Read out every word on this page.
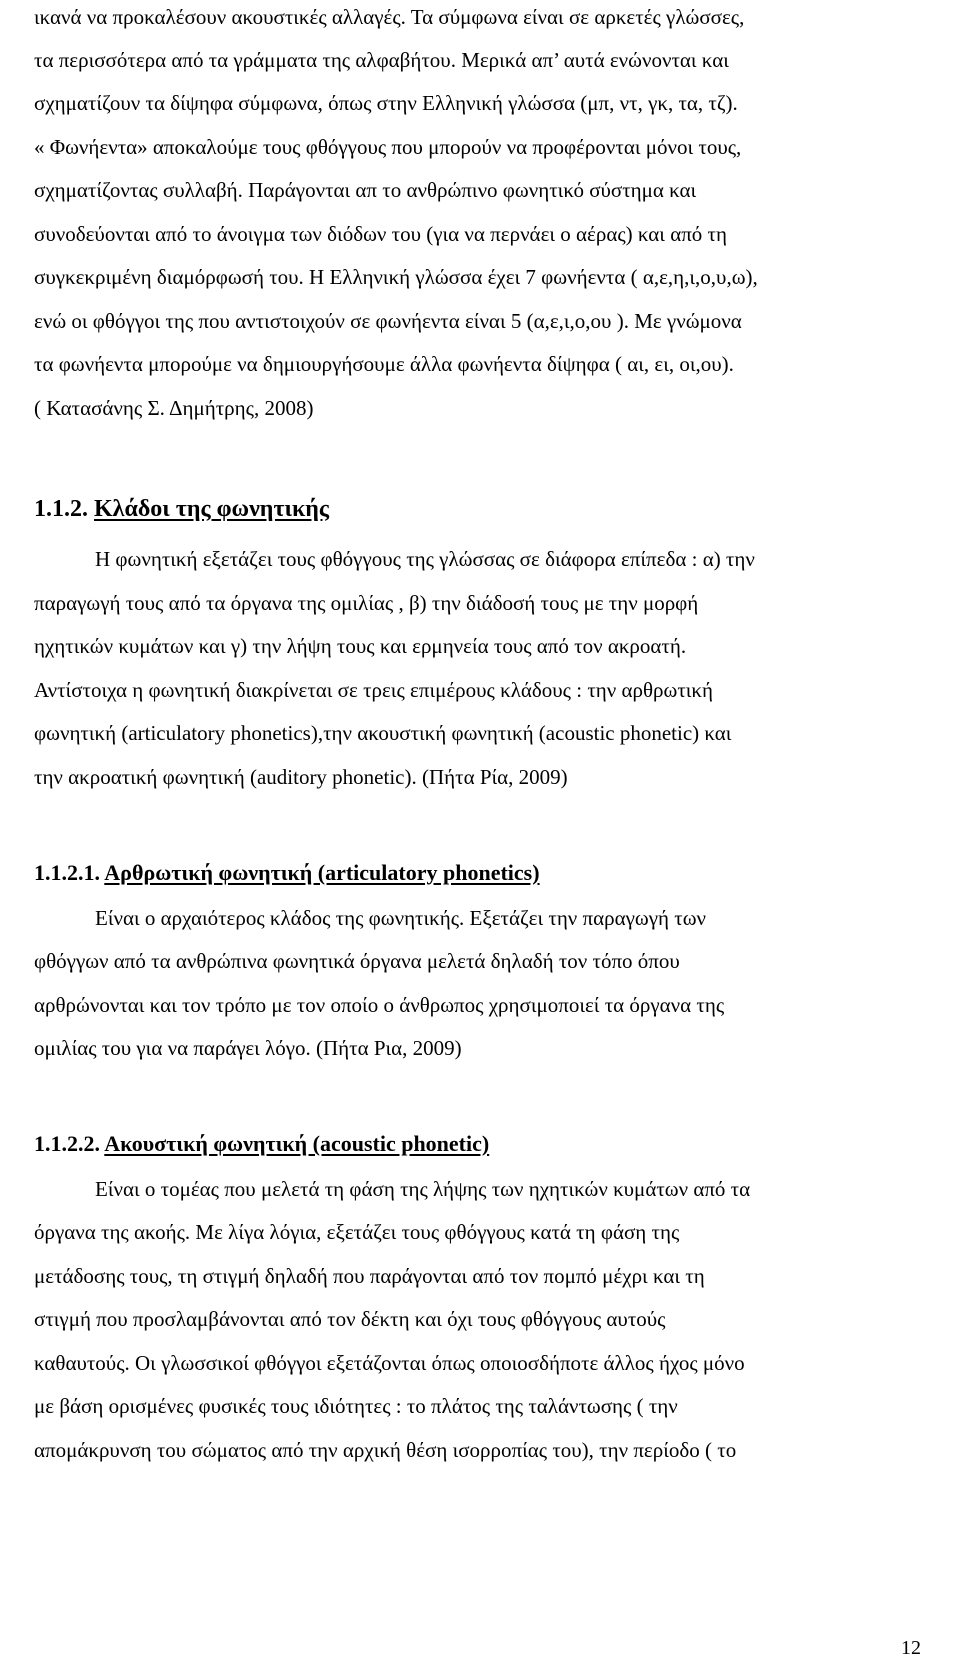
ικανά να προκαλέσουν ακουστικές αλλαγές. Τα σύμφωνα είναι σε αρκετές γλώσσες,
τα περισσότερα από τα γράμματα της αλφαβήτου. Μερικά απ’ αυτά ενώνονται και
σχηματίζουν τα δίψηφα σύμφωνα, όπως στην Ελληνική γλώσσα (μπ, ντ, γκ, τα, τζ).
« Φωνήεντα» αποκαλούμε τους φθόγγους που μπορούν να προφέρονται μόνοι τους,
σχηματίζοντας συλλαβή. Παράγονται απ το ανθρώπινο φωνητικό σύστημα και
συνοδεύονται από το άνοιγμα των διόδων του (για να περνάει ο αέρας) και από τη
συγκεκριμένη διαμόρφωσή του. Η Ελληνική γλώσσα έχει 7 φωνήεντα ( α,ε,η,ι,ο,υ,ω),
ενώ οι φθόγγοι της που αντιστοιχούν σε φωνήεντα είναι 5 (α,ε,ι,ο,ου ). Με γνώμονα
τα φωνήεντα μπορούμε να δημιουργήσουμε άλλα φωνήεντα δίψηφα ( αι, ει, οι,ου).
( Κατασάνης Σ. Δημήτρης, 2008)
1.1.2. Κλάδοι της φωνητικής
Η φωνητική εξετάζει τους φθόγγους της γλώσσας σε διάφορα επίπεδα : α) την
παραγωγή τους από τα όργανα της ομιλίας , β) την διάδοσή τους με την μορφή
ηχητικών κυμάτων και γ) την λήψη τους και ερμηνεία τους από τον ακροατή.
Αντίστοιχα η φωνητική διακρίνεται σε τρεις επιμέρους κλάδους : την αρθρωτική
φωνητική (articulatory phonetics),την ακουστική φωνητική (acoustic phonetic) και
την ακροατική φωνητική (auditory phonetic). (Πήτα Ρία, 2009)
1.1.2.1. Αρθρωτική φωνητική (articulatory phonetics)
Είναι ο αρχαιότερος κλάδος της φωνητικής. Εξετάζει την παραγωγή των
φθόγγων από τα ανθρώπινα φωνητικά όργανα μελετά δηλαδή τον τόπο όπου
αρθρώνονται και τον τρόπο με τον οποίο ο άνθρωπος χρησιμοποιεί τα όργανα της
ομιλίας του για να παράγει λόγο. (Πήτα Ρια, 2009)
1.1.2.2. Ακουστική φωνητική (acoustic phonetic)
Είναι ο τομέας που μελετά τη φάση της λήψης των ηχητικών κυμάτων από τα
όργανα της ακοής. Με λίγα λόγια, εξετάζει τους φθόγγους κατά τη φάση της
μετάδοσης τους, τη στιγμή δηλαδή που παράγονται από τον πομπό μέχρι και τη
στιγμή που προσλαμβάνονται από τον δέκτη και όχι τους φθόγγους αυτούς
καθαυτούς. Οι γλωσσικοί φθόγγοι εξετάζονται όπως οποιοσδήποτε άλλος ήχος μόνο
με βάση ορισμένες φυσικές τους ιδιότητες : το πλάτος της ταλάντωσης ( την
απομάκρυνση του σώματος από την αρχική θέση ισορροπίας του), την περίοδο ( το
12
